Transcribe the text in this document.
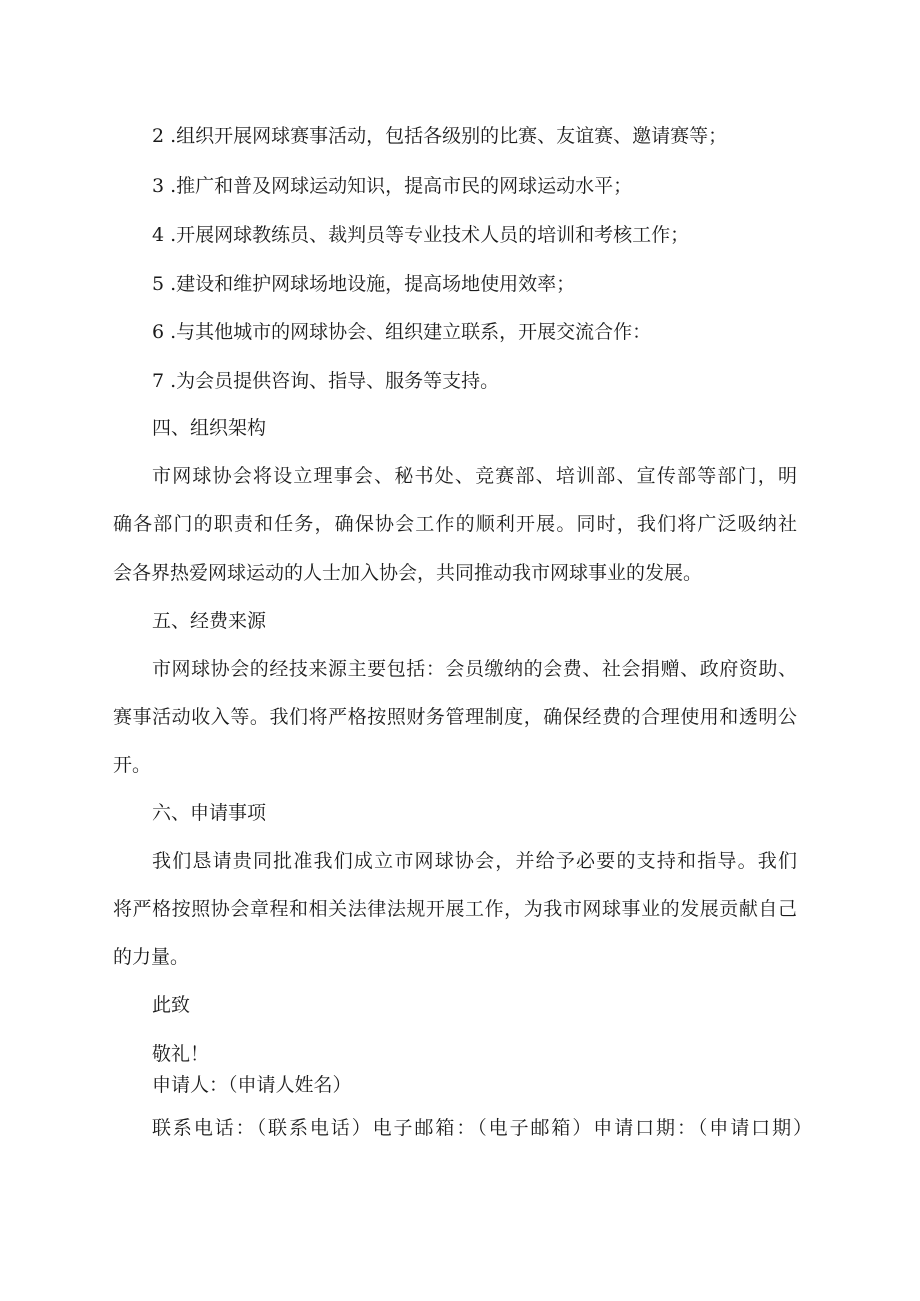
2 .组织开展网球赛事活动，包括各级别的比赛、友谊赛、邀请赛等；
3 .推广和普及网球运动知识，提高市民的网球运动水平；
4 .开展网球教练员、裁判员等专业技术人员的培训和考核工作；
5 .建设和维护网球场地设施，提高场地使用效率；
6 .与其他城市的网球协会、组织建立联系，开展交流合作：
7 .为会员提供咨询、指导、服务等支持。
四、组织架构
市网球协会将设立理事会、秘书处、竞赛部、培训部、宣传部等部门，明
确各部门的职责和任务，确保协会工作的顺利开展。同时，我们将广泛吸纳社
会各界热爱网球运动的人士加入协会，共同推动我市网球事业的发展。
五、经费来源
市网球协会的经技来源主要包括：会员缴纳的会费、社会捐赠、政府资助、
赛事活动收入等。我们将严格按照财务管理制度，确保经费的合理使用和透明公
开。
六、申请事项
我们恳请贵同批准我们成立市网球协会，并给予必要的支持和指导。我们
将严格按照协会章程和相关法律法规开展工作，为我市网球事业的发展贡献自己
的力量。
此致
敬礼！
申请人：（申请人姓名）
联系电话：（联系电话）电子邮箱：（电子邮箱）申请口期：（申请口期）
